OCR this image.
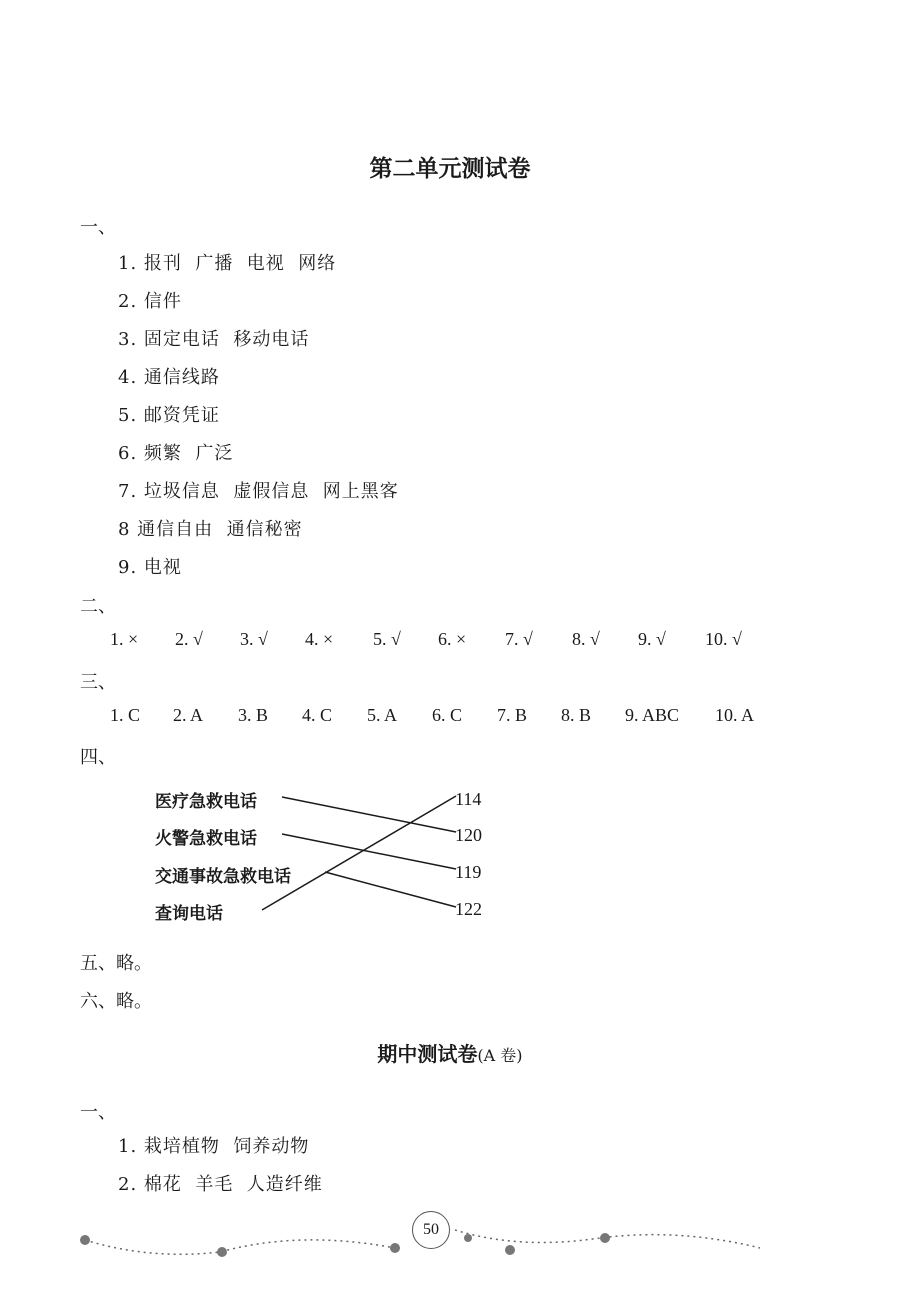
第二单元测试卷
一、
1. 报刊  广播  电视  网络
2. 信件
3. 固定电话  移动电话
4. 通信线路
5. 邮资凭证
6. 频繁  广泛
7. 垃圾信息  虚假信息  网上黑客
8 通信自由  通信秘密
9. 电视
二、
1. × 2. √ 3. √ 4. × 5. √ 6. × 7. √ 8. √ 9. √ 10. √
三、
1. C 2. A 3. B 4. C 5. A 6. C 7. B 8. B 9. ABC 10. A
四、
医疗急救电话
火警急救电话
交通事故急救电话
查询电话
114
120
119
122
五、略。
六、略。
期中测试卷(A 卷)
一、
1. 栽培植物  饲养动物
2. 棉花  羊毛  人造纤维
50
